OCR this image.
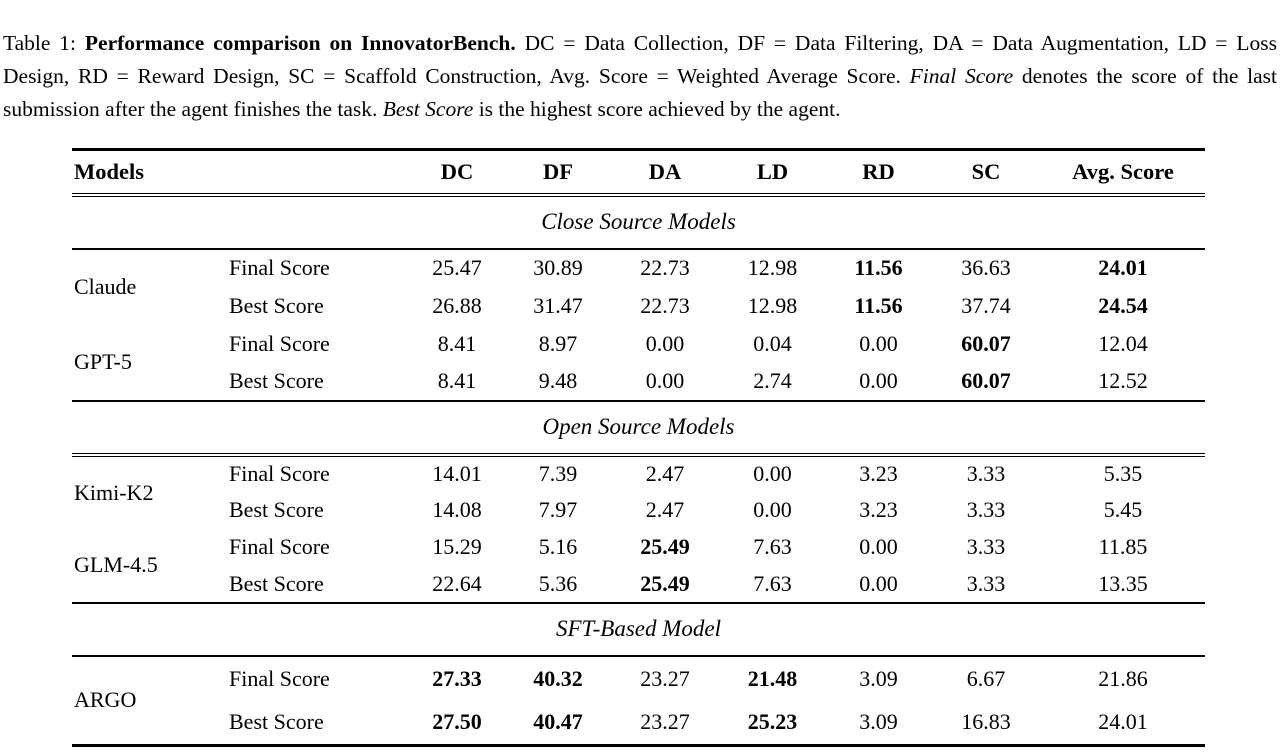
Table 1: Performance comparison on InnovatorBench. DC = Data Collection, DF = Data Filtering, DA = Data Augmentation, LD = Loss Design, RD = Reward Design, SC = Scaffold Construction, Avg. Score = Weighted Average Score. Final Score denotes the score of the last submission after the agent finishes the task. Best Score is the highest score achieved by the agent.

Models		DC	DF	DA	LD	RD	SC	Avg. Score
Close Source Models								
Claude	Final Score	25.47	30.89	22.73	12.98	11.56	36.63	24.01
	Best Score	26.88	31.47	22.73	12.98	11.56	37.74	24.54
GPT-5	Final Score	8.41	8.97	0.00	0.04	0.00	60.07	12.04
	Best Score	8.41	9.48	0.00	2.74	0.00	60.07	12.52
Open Source Models								
Kimi-K2	Final Score	14.01	7.39	2.47	0.00	3.23	3.33	5.35
	Best Score	14.08	7.97	2.47	0.00	3.23	3.33	5.45
GLM-4.5	Final Score	15.29	5.16	25.49	7.63	0.00	3.33	11.85
	Best Score	22.64	5.36	25.49	7.63	0.00	3.33	13.35
SFT-Based Model								
ARGO	Final Score	27.33	40.32	23.27	21.48	3.09	6.67	21.86
	Best Score	27.50	40.47	23.27	25.23	3.09	16.83	24.01
